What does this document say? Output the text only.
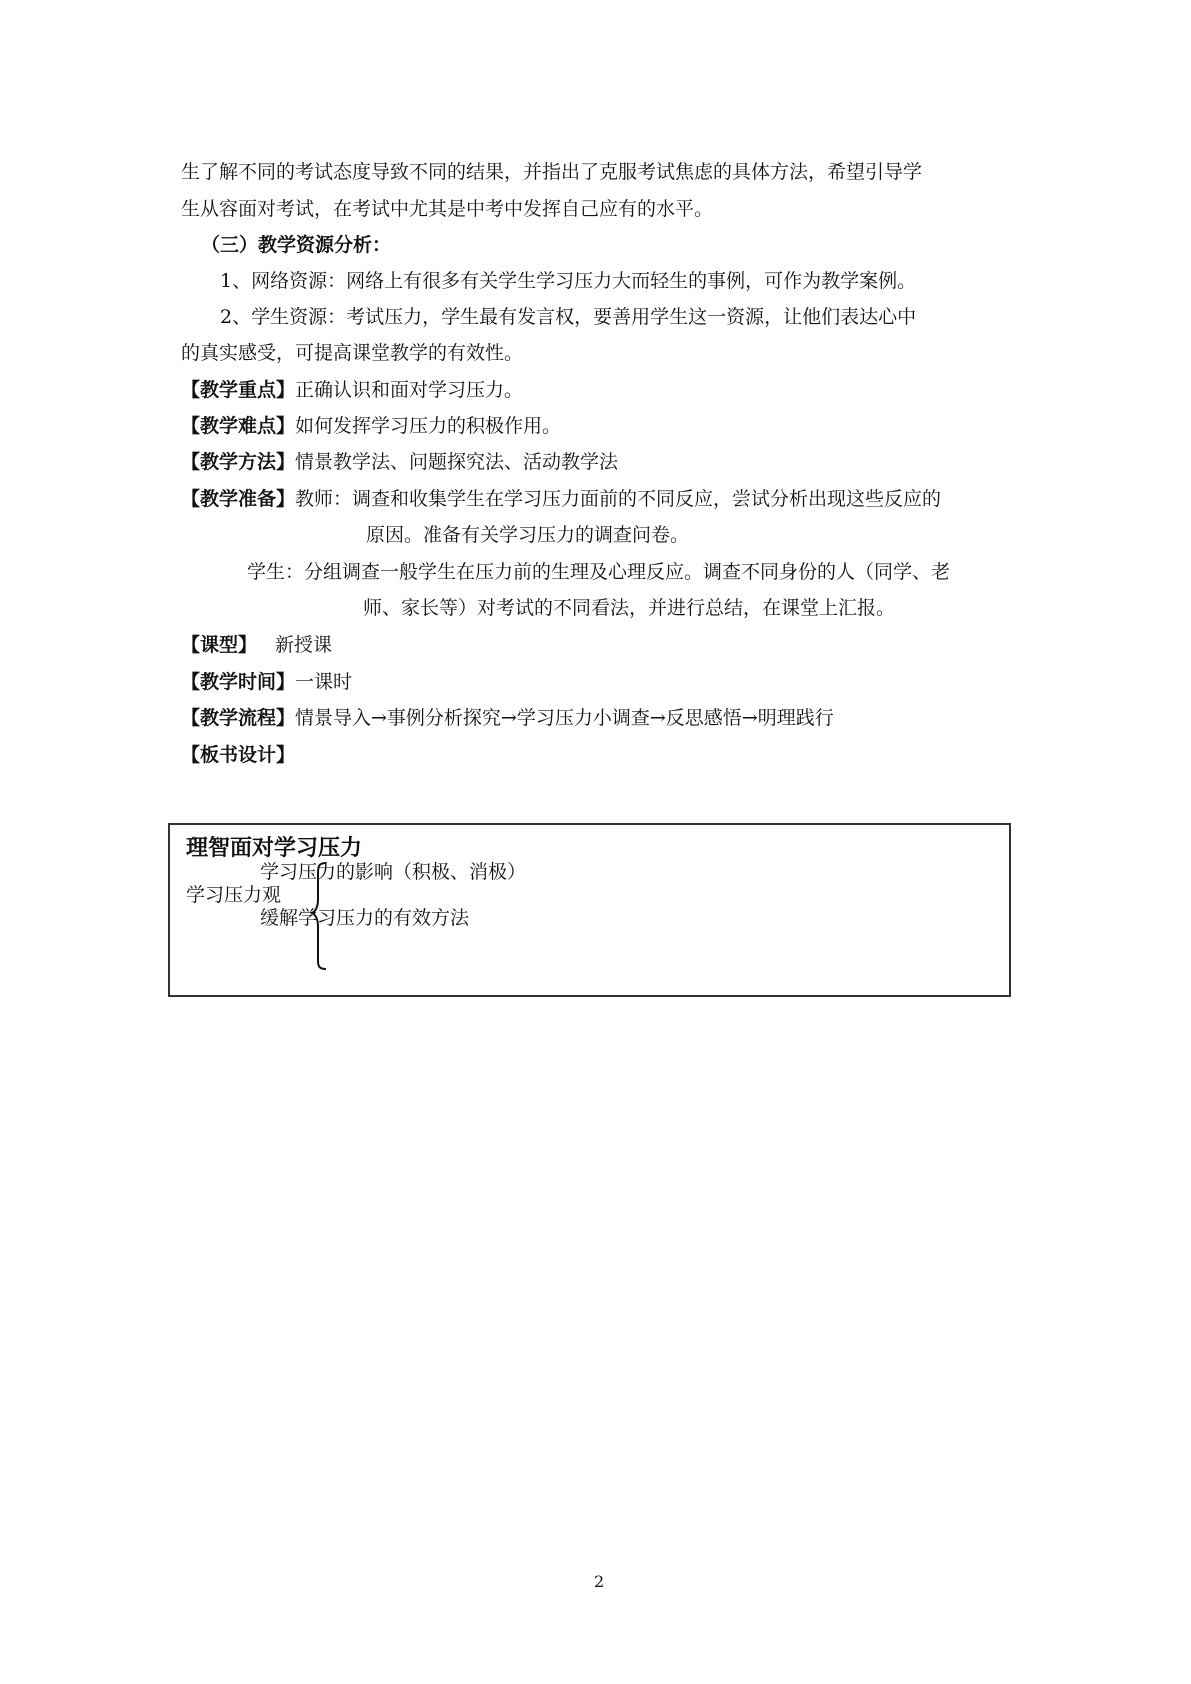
生了解不同的考试态度导致不同的结果，并指出了克服考试焦虑的具体方法，希望引导学
生从容面对考试，在考试中尤其是中考中发挥自己应有的水平。
（三）教学资源分析：
1、网络资源：网络上有很多有关学生学习压力大而轻生的事例，可作为教学案例。
2、学生资源：考试压力，学生最有发言权，要善用学生这一资源，让他们表达心中
的真实感受，可提高课堂教学的有效性。
【教学重点】正确认识和面对学习压力。
【教学难点】如何发挥学习压力的积极作用。
【教学方法】情景教学法、问题探究法、活动教学法
【教学准备】教师：调查和收集学生在学习压力面前的不同反应，尝试分析出现这些反应的
原因。准备有关学习压力的调查问卷。
学生：分组调查一般学生在压力前的生理及心理反应。调查不同身份的人（同学、老
师、家长等）对考试的不同看法，并进行总结，在课堂上汇报。
【课型】 新授课
【教学时间】一课时
【教学流程】情景导入→事例分析探究→学习压力小调查→反思感悟→明理践行
【板书设计】
理智面对学习压力
学习压力的影响（积极、消极）
学习压力观
缓解学习压力的有效方法
2
